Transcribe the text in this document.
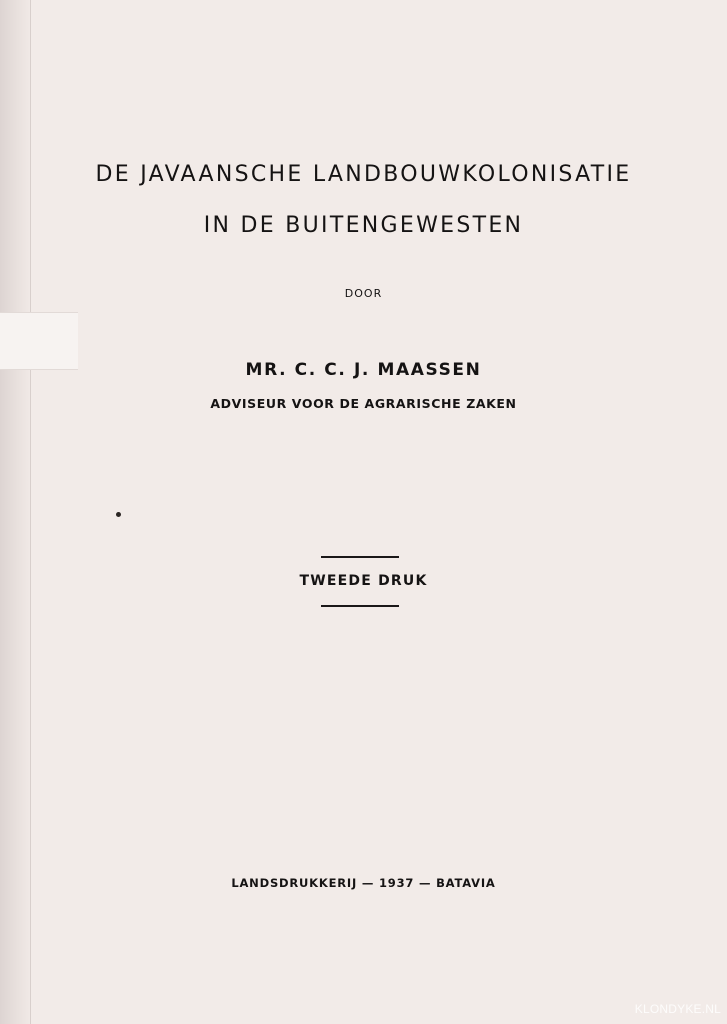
DE JAVAANSCHE LANDBOUWKOLONISATIE
IN DE BUITENGEWESTEN
DOOR
MR. C. C. J. MAASSEN
ADVISEUR VOOR DE AGRARISCHE ZAKEN
TWEEDE DRUK
LANDSDRUKKERIJ — 1937 — BATAVIA
KLONDYKE.NL
